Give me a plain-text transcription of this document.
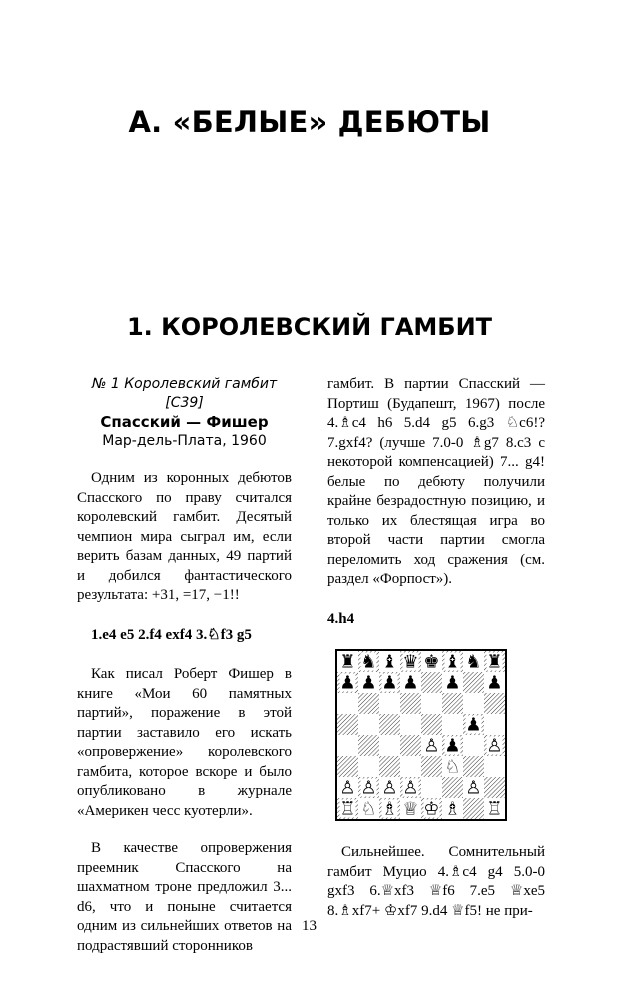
А. «БЕЛЫЕ» ДЕБЮТЫ
1. КОРОЛЕВСКИЙ ГАМБИТ
№ 1 Королевский гамбит [C39]
Спасский — Фишер
Мар-дель-Плата, 1960

Одним из коронных дебютов Спасского по праву считался королевский гамбит. Десятый чемпион мира сыграл им, если верить базам данных, 49 партий и добился фантастического результата: +31, =17, −1!!

1.e4 e5 2.f4 exf4 3.♘f3 g5

Как писал Роберт Фишер в книге «Мои 60 памятных партий», поражение в этой партии заставило его искать «опровержение» королевского гамбита, которое вскоре и было опубликовано в журнале «Америкен чесс куотерли».

В качестве опровержения преемник Спасского на шахматном троне предложил 3... d6, что и поныне считается одним из сильнейших ответов на подрастявший сторонников

гамбит. В партии Спасский — Портиш (Будапешт, 1967) после 4.♗c4 h6 5.d4 g5 6.g3 ♘c6!? 7.gxf4? (лучше 7.0-0 ♗g7 8.c3 с некоторой компенсацией) 7... g4! белые по дебюту получили крайне безрадостную позицию, и только их блестящая игра во второй части партии смогла переломить ход сражения (см. раздел «Форпост»).

4.h4

♜ ♞ ♝ ♛ ♚ ♝ ♞ ♜
♟ ♟ ♟ ♟ ♟ ♟
♟
♟
♙	♙
♘
♙ ♙ ♙ ♙	♙
♖ ♘ ♗ ♕ ♔ ♗ ♖

Сильнейшее. Сомнительный гамбит Муцио 4.♗c4 g4 5.0-0 gxf3 6.♕xf3 ♕f6 7.e5 ♕xe5 8.♗xf7+ ♔xf7 9.d4 ♕f5! не при-

13
